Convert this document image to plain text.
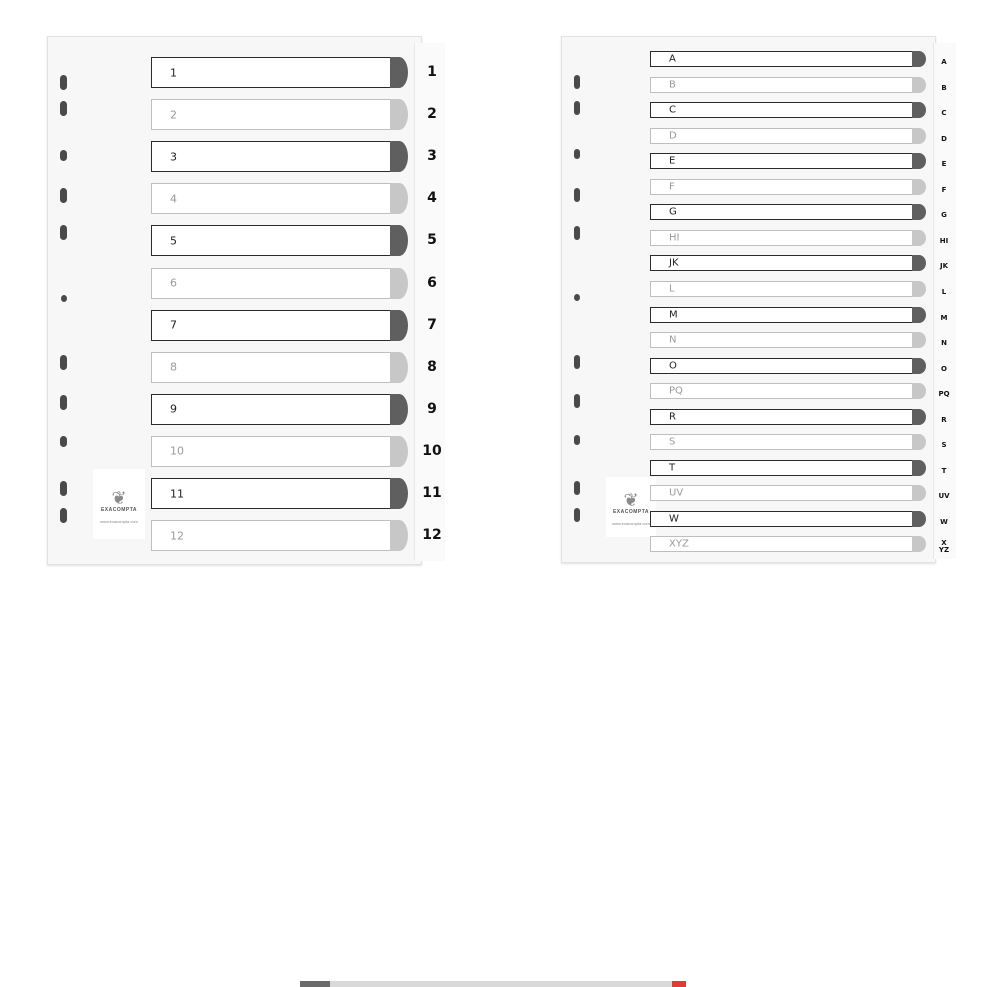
❦
EXACOMPTA
www.exacompta.com
❦
EXACOMPTA
www.exacompta.com
1	1
2	2
3	3
4	4
5	5
6	6
7	7
8	8
9	9
10	10
11	11
12	12
A	A
B	B
C	C
D	D
E	E
F	F
G	G
HI	HI
JK	JK
L	L
M	M
N	N
O	O
PQ	PQ
R	R
S	S
T	T
UV	UV
W	W
XYZ	X
YZ
